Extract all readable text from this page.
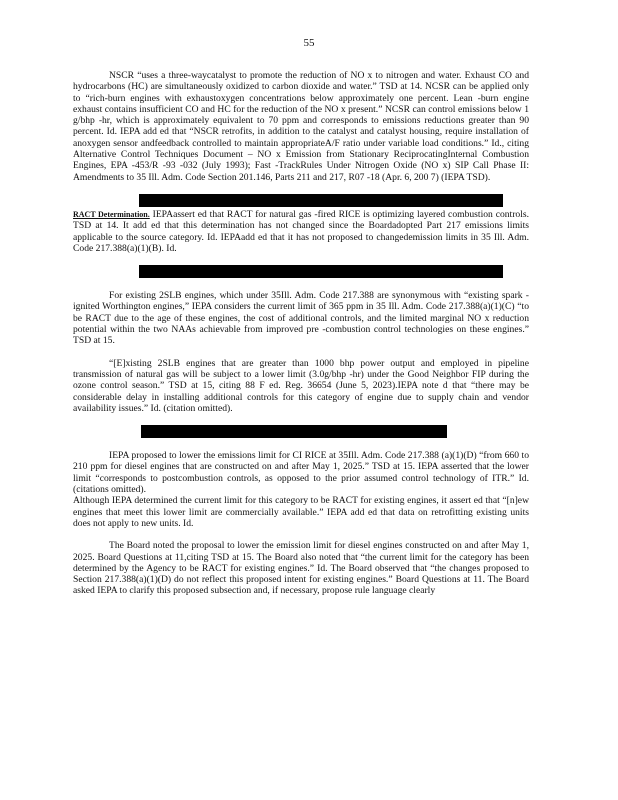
55

NSCR “uses a three-waycatalyst to promote the reduction of NO x to nitrogen and water. Exhaust CO and hydrocarbons (HC) are simultaneously oxidized to carbon dioxide and water.” TSD at 14. NCSR can be applied only to “rich-burn engines with exhaustoxygen concentrations below approximately one percent. Lean -burn engine exhaust contains insufficient CO and HC for the reduction of the NO x present.” NCSR can control emissions below 1 g/bhp -hr, which is approximately equivalent to 70 ppm and corresponds to emissions reductions greater than 90 percent. Id. IEPA add ed that “NSCR retrofits, in addition to the catalyst and catalyst housing, require installation of anoxygen sensor andfeedback controlled to maintain appropriateA/F ratio under variable load conditions.” Id., citing Alternative Control Techniques Document – NO x Emission from Stationary ReciprocatingInternal Combustion Engines, EPA -453/R -93 -032 (July 1993); Fast -TrackRules Under Nitrogen Oxide (NO x) SIP Call Phase II: Amendments to 35 Ill. Adm. Code Section 201.146, Parts 211 and 217, R07 -18 (Apr. 6, 200 7) (IEPA TSD).

RACT Determination. IEPAassert ed that RACT for natural gas -fired RICE is optimizing layered combustion controls. TSD at 14. It add ed that this determination has not changed since the Boardadopted Part 217 emissions limits applicable to the source category. Id. IEPAadd ed that it has not proposed to changedemission limits in 35 Ill. Adm. Code 217.388(a)(1)(B). Id.

For existing 2SLB engines, which under 35Ill. Adm. Code 217.388 are synonymous with “existing spark -ignited Worthington engines,” IEPA considers the current limit of 365 ppm in 35 Ill. Adm. Code 217.388(a)(1)(C) “to be RACT due to the age of these engines, the cost of additional controls, and the limited marginal NO x reduction potential within the two NAAs achievable from improved pre -combustion control technologies on these engines.” TSD at 15.

“[E]xisting 2SLB engines that are greater than 1000 bhp power output and employed in pipeline transmission of natural gas will be subject to a lower limit (3.0g/bhp -hr) under the Good Neighbor FIP during the ozone control season.” TSD at 15, citing 88 F ed. Reg. 36654 (June 5, 2023).IEPA note d that “there may be considerable delay in installing additional controls for this category of engine due to supply chain and vendor availability issues.” Id. (citation omitted).

IEPA proposed to lower the emissions limit for CI RICE at 35Ill. Adm. Code 217.388 (a)(1)(D) “from 660 to 210 ppm for diesel engines that are constructed on and after May 1, 2025.” TSD at 15. IEPA asserted that the lower limit “corresponds to postcombustion controls, as opposed to the prior assumed control technology of ITR.” Id. (citations omitted).
Although IEPA determined the current limit for this category to be RACT for existing engines, it assert ed that “[n]ew engines that meet this lower limit are commercially available.” IEPA add ed that data on retrofitting existing units does not apply to new units. Id.

The Board noted the proposal to lower the emission limit for diesel engines constructed on and after May 1, 2025. Board Questions at 11,citing TSD at 15. The Board also noted that “the current limit for the category has been determined by the Agency to be RACT for existing engines.” Id. The Board observed that “the changes proposed to Section 217.388(a)(1)(D) do not reflect this proposed intent for existing engines.” Board Questions at 11. The Board asked IEPA to clarify this proposed subsection and, if necessary, propose rule language clearly
